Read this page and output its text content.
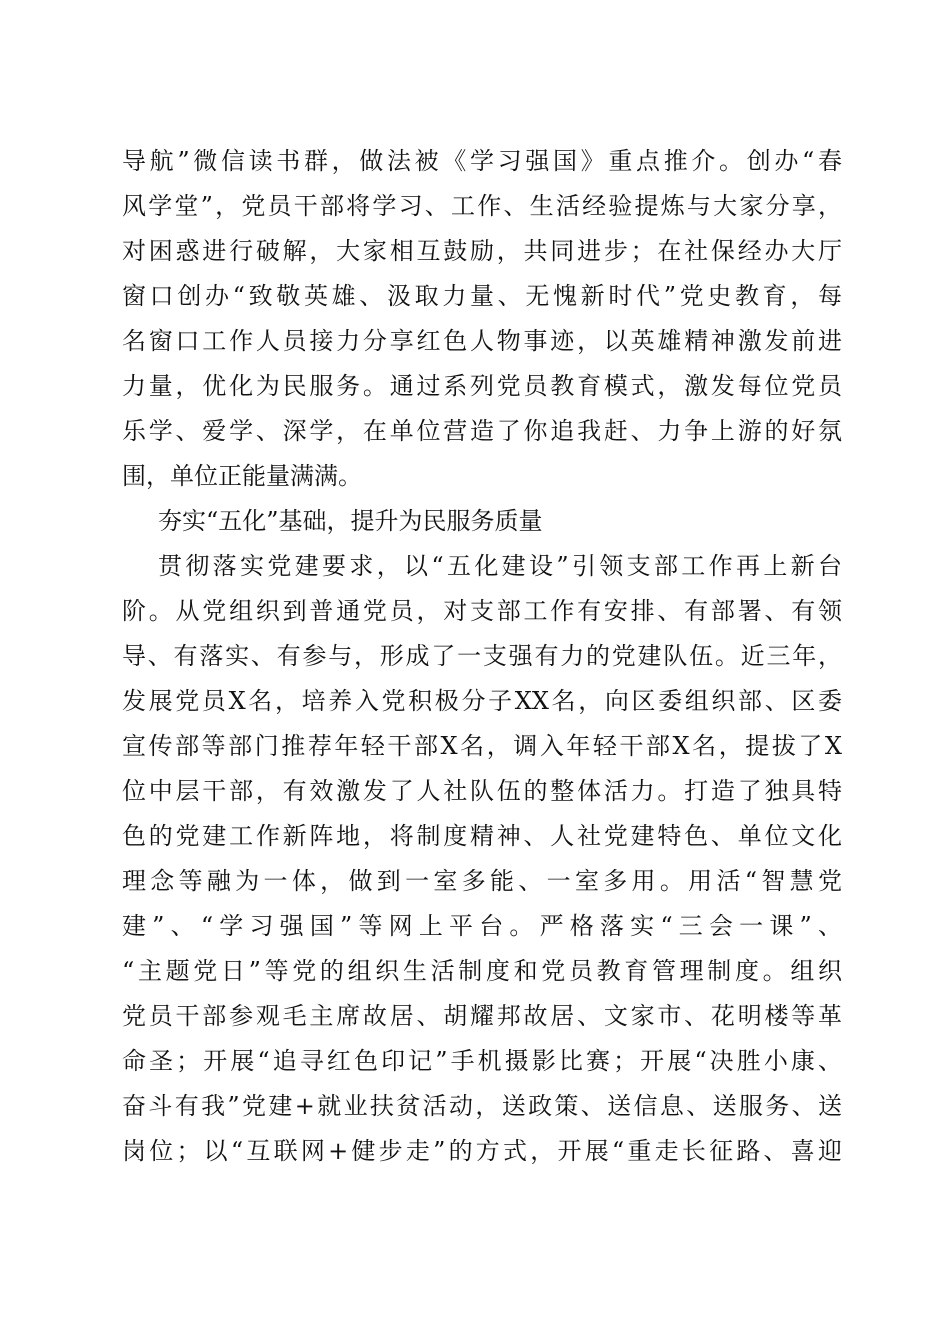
导航”微信读书群，做法被《学习强国》重点推介。创办“春
风学堂”，党员干部将学习、工作、生活经验提炼与大家分享，
对困惑进行破解，大家相互鼓励，共同进步；在社保经办大厅
窗口创办“致敬英雄、汲取力量、无愧新时代”党史教育，每
名窗口工作人员接力分享红色人物事迹，以英雄精神激发前进
力量，优化为民服务。通过系列党员教育模式，激发每位党员
乐学、爱学、深学，在单位营造了你追我赶、力争上游的好氛
围，单位正能量满满。
夯实“五化”基础，提升为民服务质量
贯彻落实党建要求，以“五化建设”引领支部工作再上新台
阶。从党组织到普通党员，对支部工作有安排、有部署、有领
导、有落实、有参与，形成了一支强有力的党建队伍。近三年，
发展党员X名，培养入党积极分子XX名，向区委组织部、区委
宣传部等部门推荐年轻干部X名，调入年轻干部X名，提拔了X
位中层干部，有效激发了人社队伍的整体活力。打造了独具特
色的党建工作新阵地，将制度精神、人社党建特色、单位文化
理念等融为一体，做到一室多能、一室多用。用活“智慧党
建”、“学习强国”等网上平台。严格落实“三会一课”、
“主题党日”等党的组织生活制度和党员教育管理制度。组织
党员干部参观毛主席故居、胡耀邦故居、文家市、花明楼等革
命圣；开展“追寻红色印记”手机摄影比赛；开展“决胜小康、
奋斗有我”党建+就业扶贫活动，送政策、送信息、送服务、送
岗位；以“互联网+健步走”的方式，开展“重走长征路、喜迎
